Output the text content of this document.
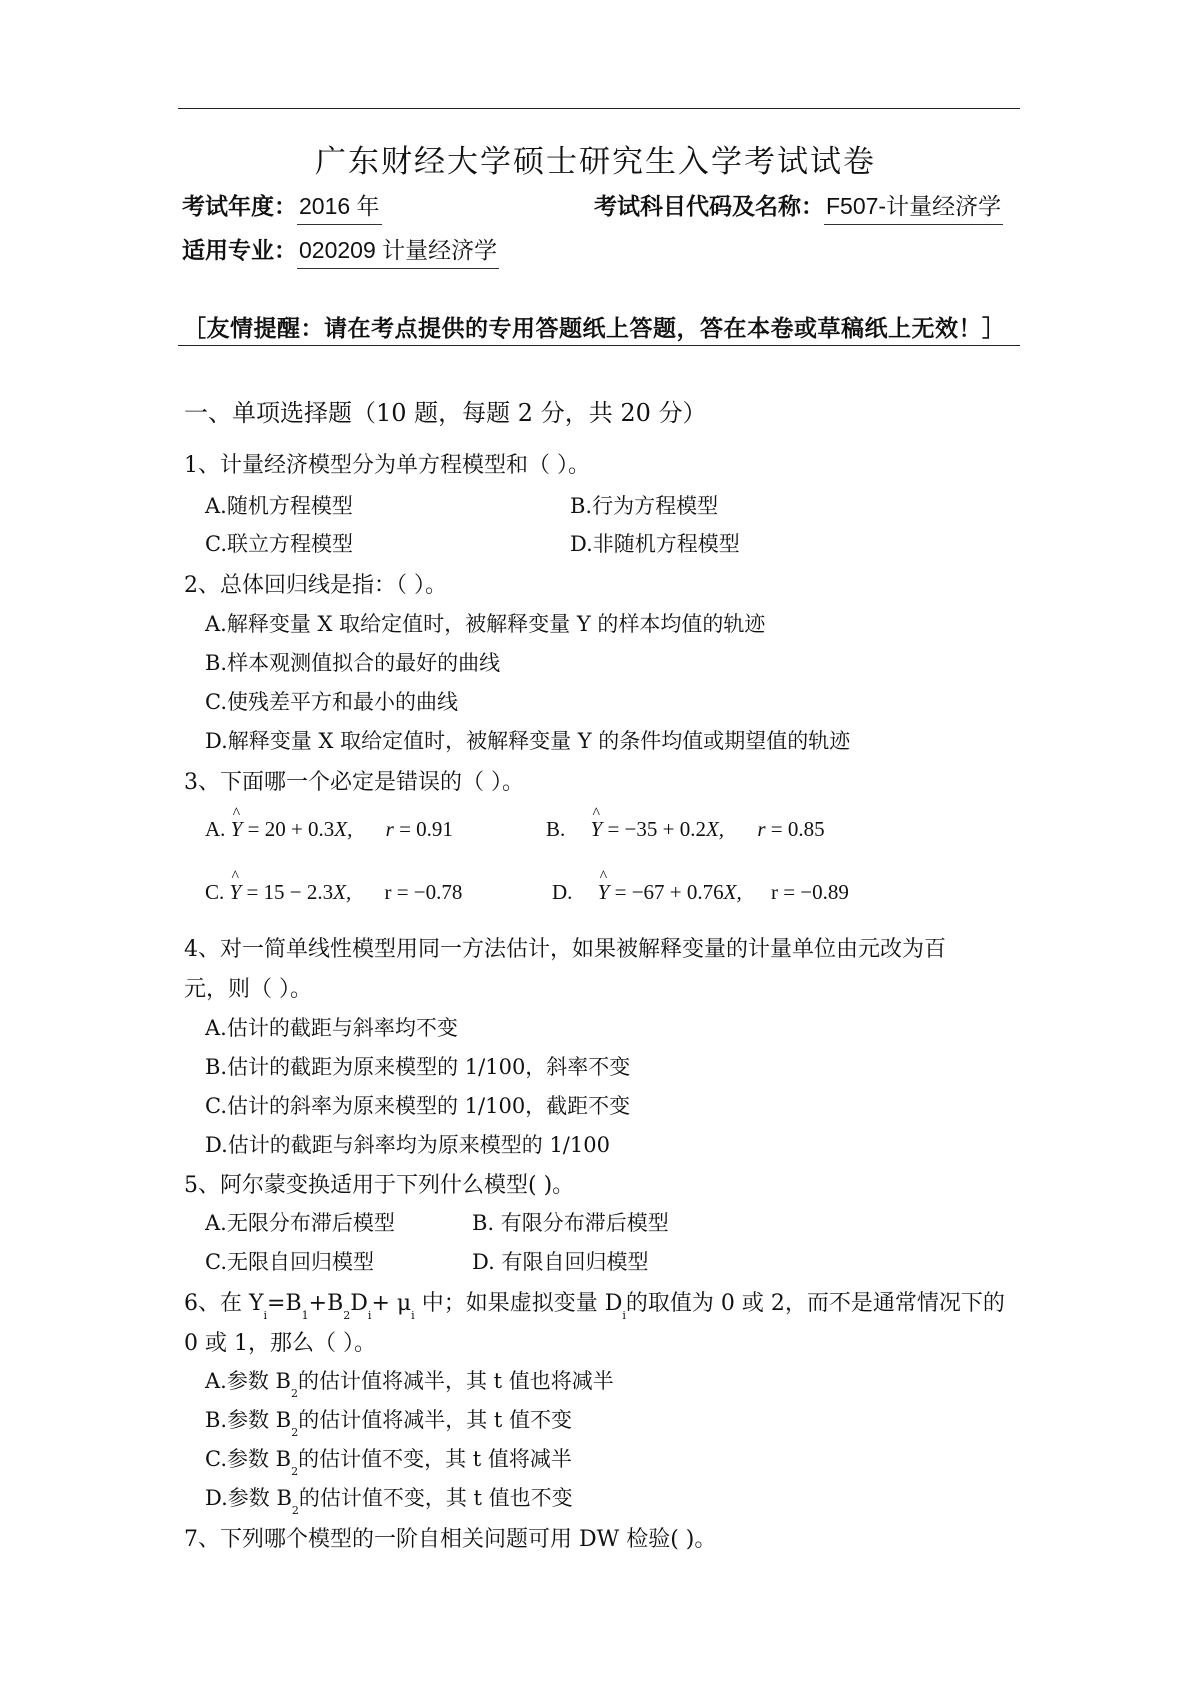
广东财经大学硕士研究生入学考试试卷
考试年度：2016 年	考试科目代码及名称：F507-计量经济学
适用专业：020209 计量经济学
［友情提醒：请在考点提供的专用答题纸上答题，答在本卷或草稿纸上无效！］
一、单项选择题（10 题，每题 2 分，共 20 分）
1、计量经济模型分为单方程模型和（ ）。
A.随机方程模型	B.行为方程模型
C.联立方程模型	D.非随机方程模型
2、总体回归线是指：（ ）。
A.解释变量 X 取给定值时，被解释变量 Y 的样本均值的轨迹
B.样本观测值拟合的最好的曲线
C.使残差平方和最小的曲线
D.解释变量 X 取给定值时，被解释变量 Y 的条件均值或期望值的轨迹
3、下面哪一个必定是错误的（ ）。
A. ^ Y = 20 + 0.3X, r = 0.91	B. ^ Y = −35 + 0.2X, r = 0.85
C. ^ Y = 15 − 2.3X, r = −0.78	D. ^ Y = −67 + 0.76X, r = −0.89
4、对一简单线性模型用同一方法估计，如果被解释变量的计量单位由元改为百
元，则（ ）。
A.估计的截距与斜率均不变
B.估计的截距为原来模型的 1/100，斜率不变
C.估计的斜率为原来模型的 1/100，截距不变
D.估计的截距与斜率均为原来模型的 1/100
5、阿尔蒙变换适用于下列什么模型( )。
A.无限分布滞后模型	B. 有限分布滞后模型
C.无限自回归模型	D. 有限自回归模型
6、在 $Y_i=B_1+B_2D_i+ \mu_i$ 中；如果虚拟变量 $D_i$的取值为 0 或 2，而不是通常情况下的
0 或 1，那么（ ）。
A.参数 $B_2$的估计值将减半，其 t 值也将减半
B.参数 $B_2$的估计值将减半，其 t 值不变
C.参数 $B_2$的估计值不变，其 t 值将减半
D.参数 $B_2$的估计值不变，其 t 值也不变
7、下列哪个模型的一阶自相关问题可用 DW 检验( )。
